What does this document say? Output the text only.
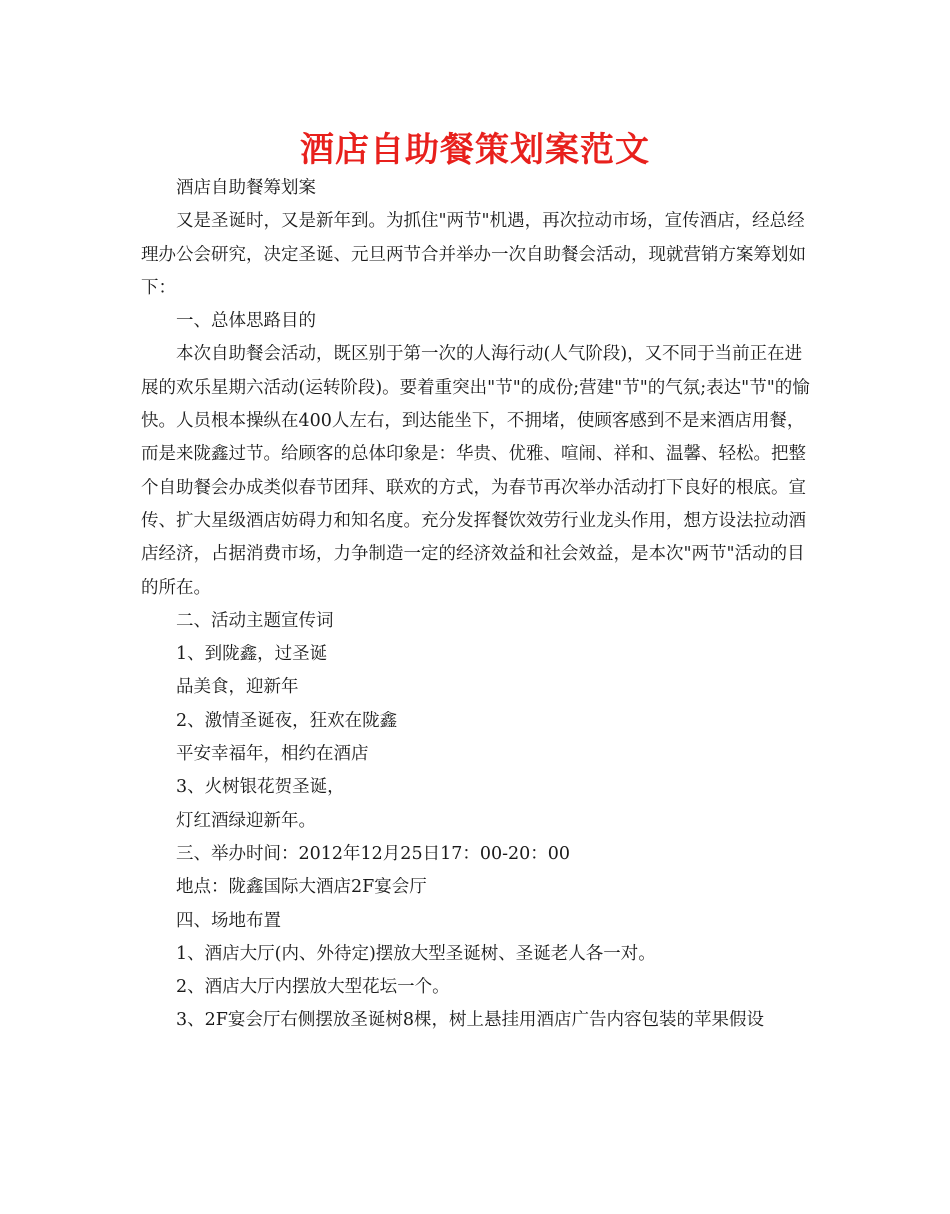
酒店自助餐策划案范文

酒店自助餐筹划案

又是圣诞时，又是新年到。为抓住"两节"机遇，再次拉动市场，宣传酒店，经总经理办公会研究，决定圣诞、元旦两节合并举办一次自助餐会活动，现就营销方案筹划如下：

一、总体思路目的

本次自助餐会活动，既区别于第一次的人海行动(人气阶段)，又不同于当前正在进展的欢乐星期六活动(运转阶段)。要着重突出"节"的成份;营建"节"的气氛;表达"节"的愉快。人员根本操纵在400人左右，到达能坐下，不拥堵，使顾客感到不是来酒店用餐，而是来陇鑫过节。给顾客的总体印象是：华贵、优雅、喧闹、祥和、温馨、轻松。把整个自助餐会办成类似春节团拜、联欢的方式，为春节再次举办活动打下良好的根底。宣传、扩大星级酒店妨碍力和知名度。充分发挥餐饮效劳行业龙头作用，想方设法拉动酒店经济，占据消费市场，力争制造一定的经济效益和社会效益，是本次"两节"活动的目的所在。

二、活动主题宣传词

1、到陇鑫，过圣诞

品美食，迎新年

2、激情圣诞夜，狂欢在陇鑫

平安幸福年，相约在酒店

3、火树银花贺圣诞，

灯红酒绿迎新年。

三、举办时间：2012年12月25日17：00-20：00

地点：陇鑫国际大酒店2F宴会厅

四、场地布置

1、酒店大厅(内、外待定)摆放大型圣诞树、圣诞老人各一对。

2、酒店大厅内摆放大型花坛一个。

3、2F宴会厅右侧摆放圣诞树8棵，树上悬挂用酒店广告内容包装的苹果假设
